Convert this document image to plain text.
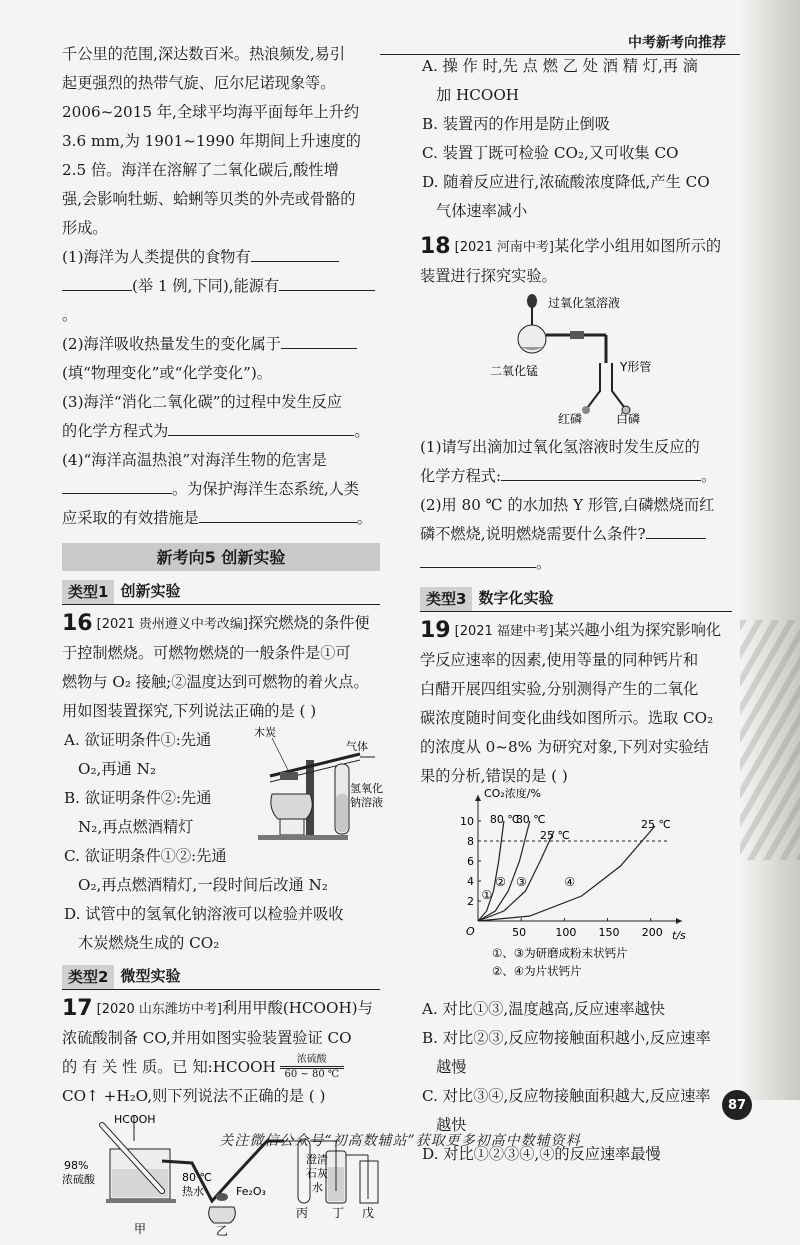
中考新考向推荐
千公里的范围,深达数百米。热浪频发,易引
起更强烈的热带气旋、厄尔尼诺现象等。
2006~2015 年,全球平均海平面每年上升约
3.6 mm,为 1901~1990 年期间上升速度的
2.5 倍。海洋在溶解了二氧化碳后,酸性增
强,会影响牡蛎、蛤蜊等贝类的外壳或骨骼的
形成。
(1)海洋为人类提供的食物有
(举 1 例,下同),能源有。
(2)海洋吸收热量发生的变化属于
(填“物理变化”或“化学变化”)。
(3)海洋“消化二氧化碳”的过程中发生反应
的化学方程式为	。
(4)“海洋高温热浪”对海洋生物的危害是
。为保护海洋生态系统,人类
应采取的有效措施是	。
新考向5 创新实验
类型1 创新实验
16 [2021 贵州遵义中考改编]探究燃烧的条件便
于控制燃烧。可燃物燃烧的一般条件是①可
燃物与 O₂ 接触;②温度达到可燃物的着火点。
用如图装置探究,下列说法正确的是 ( )
A. 欲证明条件①:先通
O₂,再通 N₂
B. 欲证明条件②:先通
N₂,再点燃酒精灯
木炭
气体
氢氧化
钠溶液
C. 欲证明条件①②:先通
O₂,再点燃酒精灯,一段时间后改通 N₂
D. 试管中的氢氧化钠溶液可以检验并吸收
木炭燃烧生成的 CO₂
类型2 微型实验
17 [2020 山东潍坊中考]利用甲酸(HCOOH)与
浓硫酸制备 CO,并用如图实验装置验证 CO
的 有 关 性 质。已 知:HCOOH 浓硫酸
60 ~ 80 ℃
CO↑ +H₂O,则下列说法不正确的是 ( )
HCOOH
98%
浓硫酸	80 ℃
热水	Fe₂O₃
澄清
石灰
水
甲	乙
丙 丁 戊
A. 操 作 时,先 点 燃 乙 处 酒 精 灯,再 滴
加 HCOOH
B. 装置丙的作用是防止倒吸
C. 装置丁既可检验 CO₂,又可收集 CO
D. 随着反应进行,浓硫酸浓度降低,产生 CO
气体速率减小
18 [2021 河南中考]某化学小组用如图所示的
装置进行探究实验。
过氧化氢溶液
二氧化锰	Y形管
红磷	白磷
(1)请写出滴加过氧化氢溶液时发生反应的
化学方程式:	。
(2)用 80 ℃ 的水加热 Y 形管,白磷燃烧而红
磷不燃烧,说明燃烧需要什么条件?
。
类型3 数字化实验
19 [2021 福建中考]某兴趣小组为探究影响化
学反应速率的因素,使用等量的同种钙片和
白醋开展四组实验,分别测得产生的二氧化
碳浓度随时间变化曲线如图所示。选取 CO₂
的浓度从 0~8% 为研究对象,下列对实验结
果的分析,错误的是 ( )
CO₂浓度/%
t/s
O	50	100 150 200
2
4
6
8
10
①
80 ℃
②
80 ℃
③
25 ℃
④
25 ℃
①、③为研磨成粉末状钙片
②、④为片状钙片
A. 对比①③,温度越高,反应速率越快
B. 对比②③,反应物接触面积越小,反应速率
越慢
C. 对比③④,反应物接触面积越大,反应速率
越快
D. 对比①②③④,④的反应速率最慢
87
关注微信公众号“初高数辅站”获取更多初高中数辅资料
